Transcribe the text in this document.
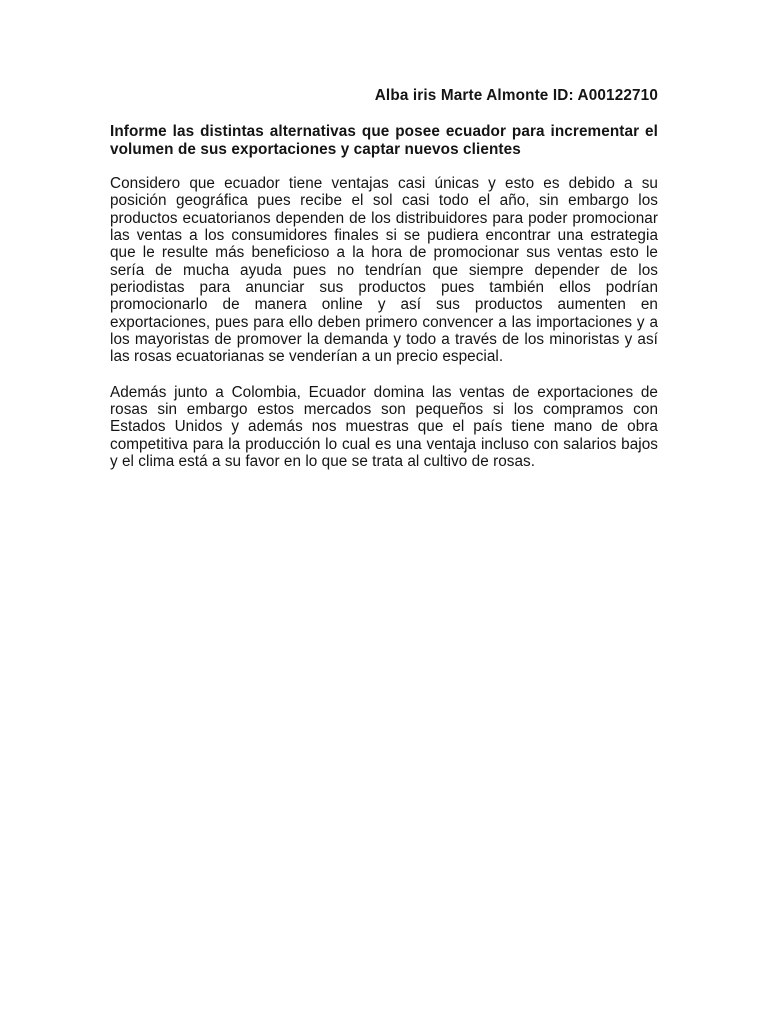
Alba iris Marte Almonte ID: A00122710

Informe las distintas alternativas que posee ecuador para incrementar el volumen de sus exportaciones y captar nuevos clientes

Considero que ecuador tiene ventajas casi únicas y esto es debido a su posición geográfica pues recibe el sol casi todo el año, sin embargo los productos ecuatorianos dependen de los distribuidores para poder promocionar las ventas a los consumidores finales si se pudiera encontrar una estrategia que le resulte más beneficioso a la hora de promocionar sus ventas esto le sería de mucha ayuda pues no tendrían que siempre depender de los periodistas para anunciar sus productos pues también ellos podrían promocionarlo de manera online y así sus productos aumenten en exportaciones, pues para ello deben primero convencer a las importaciones y a los mayoristas de promover la demanda y todo a través de los minoristas y así las rosas ecuatorianas se venderían a un precio especial.

Además junto a Colombia, Ecuador domina las ventas de exportaciones de rosas sin embargo estos mercados son pequeños si los compramos con Estados Unidos y además nos muestras que el país tiene mano de obra competitiva para la producción lo cual es una ventaja incluso con salarios bajos y el clima está a su favor en lo que se trata al cultivo de rosas.
